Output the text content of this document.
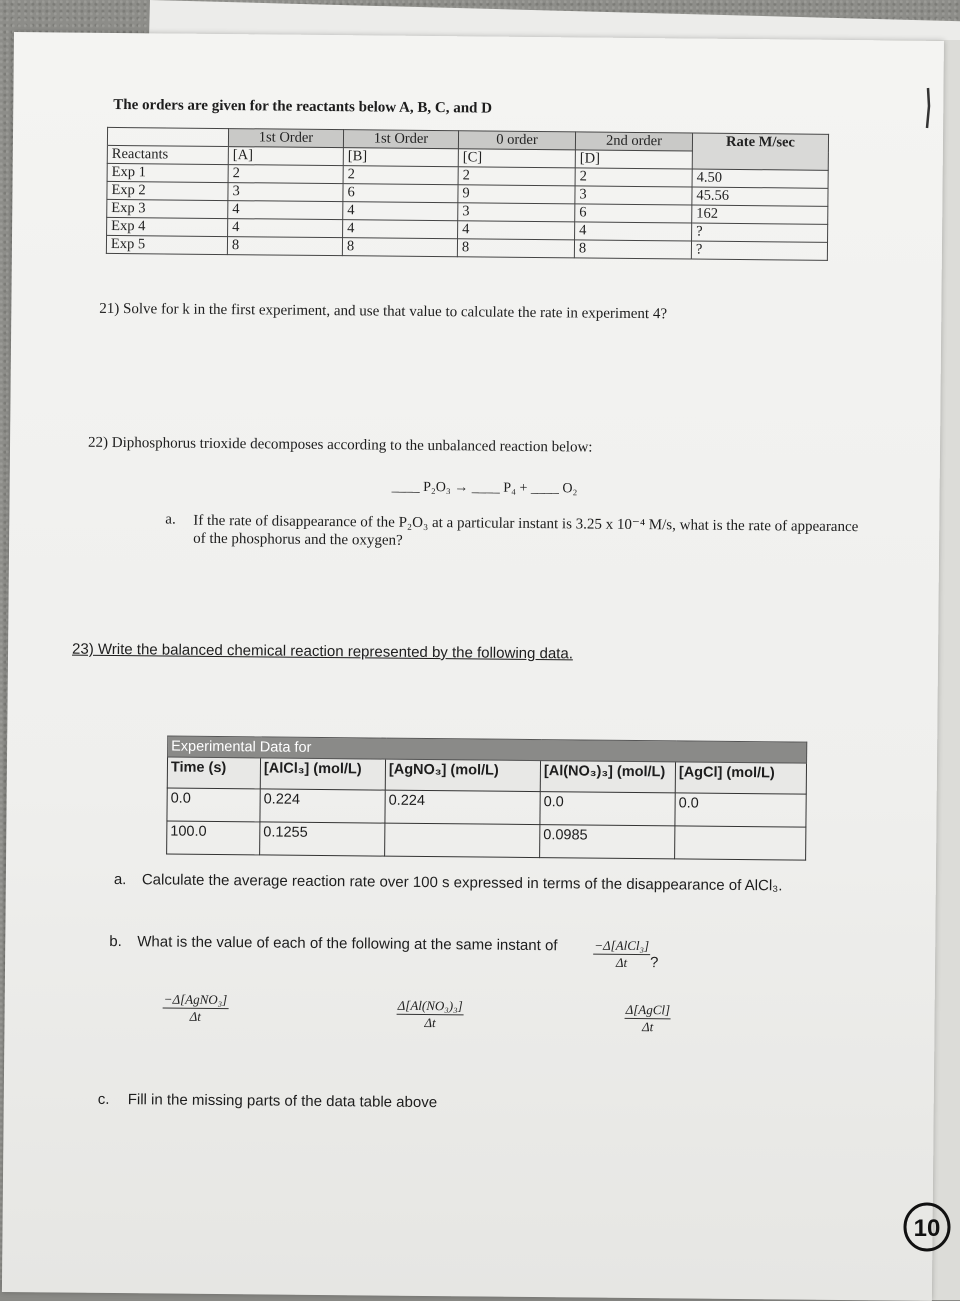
The orders are given for the reactants below A, B, C, and D
	1st Order	1st Order	0 order	2nd order	Rate M/sec
Reactants	[A]	[B]	[C]	[D]	
Exp 1	2	2	2	2	4.50
Exp 2	3	6	9	3	45.56
Exp 3	4	4	3	6	162
Exp 4	4	4	4	4	?
Exp 5	8	8	8	8	?
21) Solve for k in the first experiment, and use that value to calculate the rate in experiment 4?
22) Diphosphorus trioxide decomposes according to the unbalanced reaction below:
____ P₂O₃ → ____ P₄ + ____ O₂
a. If the rate of disappearance of the P₂O₃ at a particular instant is 3.25 x 10⁻⁴ M/s, what is the rate of appearance of the phosphorus and the oxygen?
23) Write the balanced chemical reaction represented by the following data.
Experimental Data for				
Time (s)	[AlCl₃] (mol/L)	[AgNO₃] (mol/L)	[Al(NO₃)₃] (mol/L)	[AgCl] (mol/L)
0.0	0.224	0.224	0.0	0.0
100.0	0.1255		0.0985	
a. Calculate the average reaction rate over 100 s expressed in terms of the disappearance of AlCl₃.
b. What is the value of each of the following at the same instant of	$\frac{\text{−Δ[AlCl₃]}}{\Delta t}$ ?
$\frac{\text{−Δ[AgNO₃]}}{\Delta t}$	$\frac{\text{Δ[Al(NO₃)₃]}}{\Delta t}$	$\frac{\text{Δ[AgCl]}}{\Delta t}$
c. Fill in the missing parts of the data table above
10
